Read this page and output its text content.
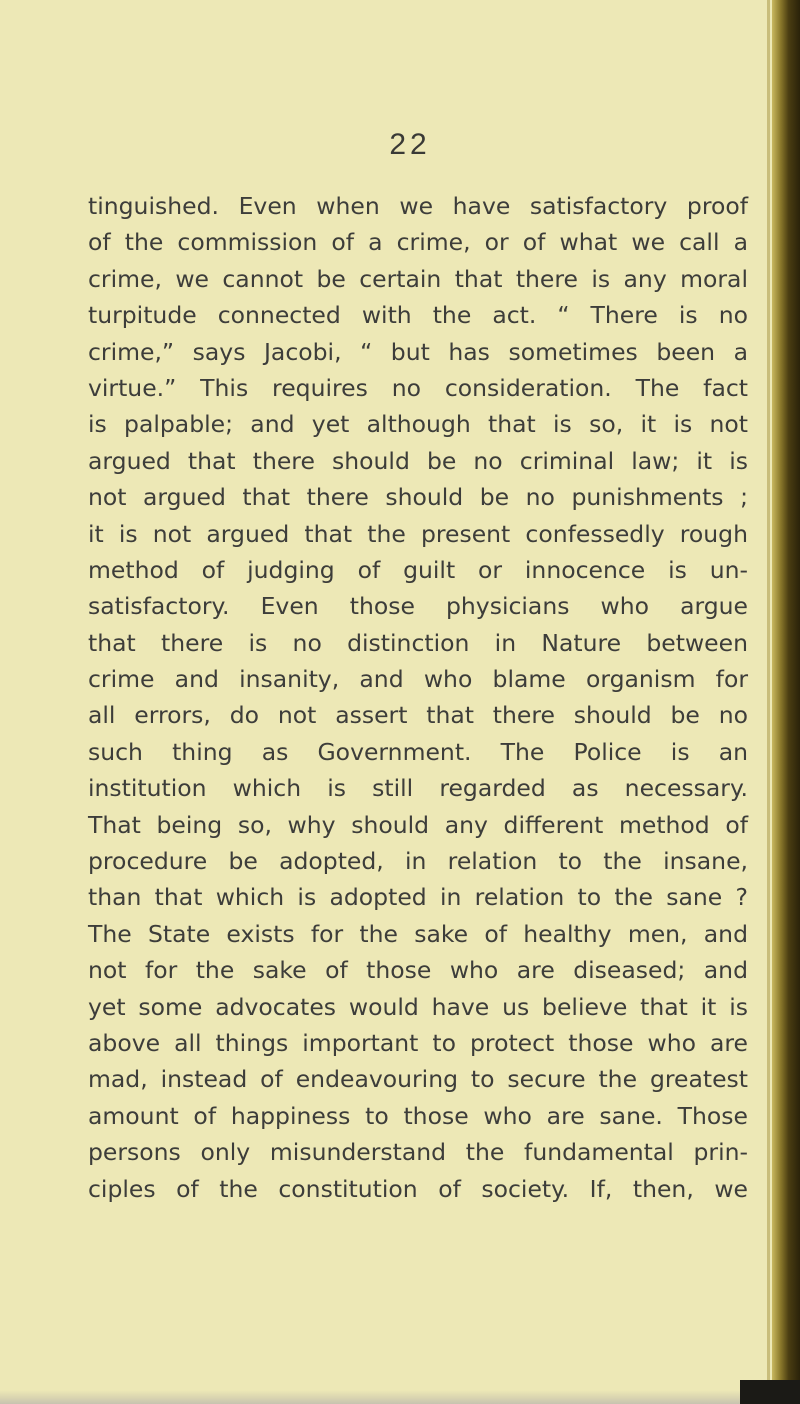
22
tinguished. Even when we have satisfactory proof
of the commission of a crime, or of what we call a
crime, we cannot be certain that there is any moral
turpitude connected with the act. “ There is no
crime,” says Jacobi, “ but has sometimes been a
virtue.” This requires no consideration. The fact
is palpable; and yet although that is so, it is not
argued that there should be no criminal law; it is
not argued that there should be no punishments ;
it is not argued that the present confessedly rough
method of judging of guilt or innocence is un-
satisfactory. Even those physicians who argue
that there is no distinction in Nature between
crime and insanity, and who blame organism for
all errors, do not assert that there should be no
such thing as Government. The Police is an
institution which is still regarded as necessary.
That being so, why should any different method of
procedure be adopted, in relation to the insane,
than that which is adopted in relation to the sane ?
The State exists for the sake of healthy men, and
not for the sake of those who are diseased; and
yet some advocates would have us believe that it is
above all things important to protect those who are
mad, instead of endeavouring to secure the greatest
amount of happiness to those who are sane. Those
persons only misunderstand the fundamental prin-
ciples of the constitution of society. If, then, we
